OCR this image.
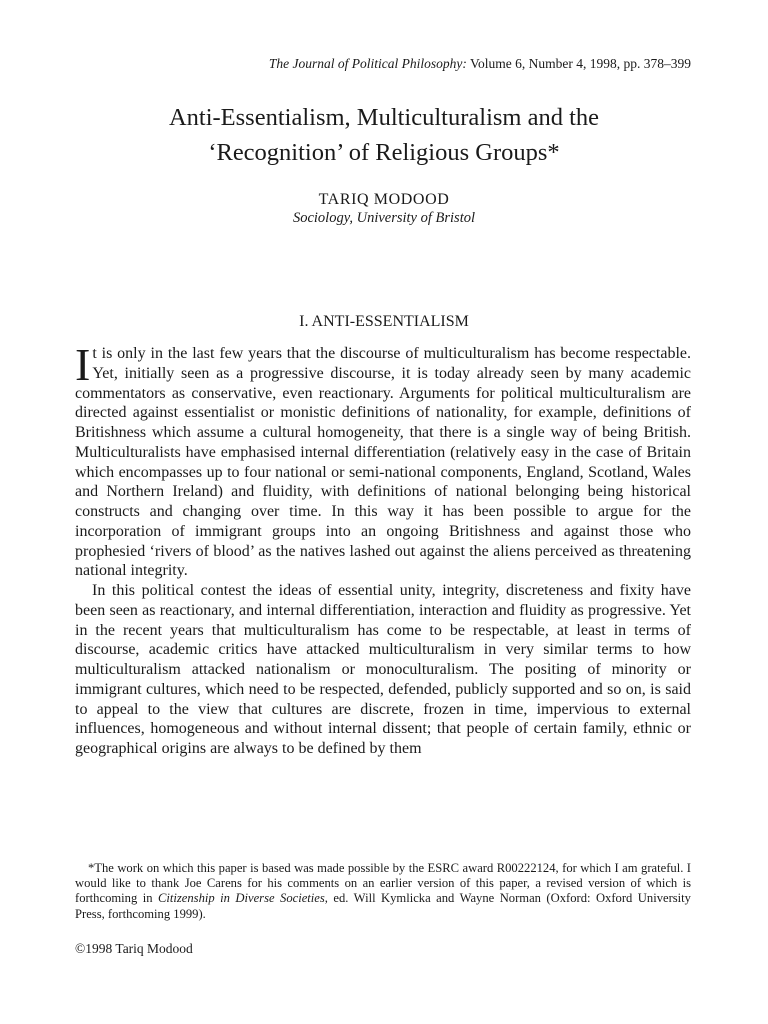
The Journal of Political Philosophy: Volume 6, Number 4, 1998, pp. 378–399
Anti-Essentialism, Multiculturalism and the
‘Recognition’ of Religious Groups*
TARIQ MODOOD
Sociology, University of Bristol
I. ANTI-ESSENTIALISM

It is only in the last few years that the discourse of multiculturalism has become respectable. Yet, initially seen as a progressive discourse, it is today already seen by many academic commentators as conservative, even reactionary. Arguments for political multiculturalism are directed against essentialist or monistic definitions of nationality, for example, definitions of Britishness which assume a cultural homogeneity, that there is a single way of being British. Multiculturalists have emphasised internal differentiation (relatively easy in the case of Britain which encompasses up to four national or semi-national components, England, Scotland, Wales and Northern Ireland) and fluidity, with definitions of national belonging being historical constructs and changing over time. In this way it has been possible to argue for the incorporation of immigrant groups into an ongoing Britishness and against those who prophesied ‘rivers of blood’ as the natives lashed out against the aliens perceived as threatening national integrity.

In this political contest the ideas of essential unity, integrity, discreteness and fixity have been seen as reactionary, and internal differentiation, interaction and fluidity as progressive. Yet in the recent years that multiculturalism has come to be respectable, at least in terms of discourse, academic critics have attacked multiculturalism in very similar terms to how multiculturalism attacked nationalism or monoculturalism. The positing of minority or immigrant cultures, which need to be respected, defended, publicly supported and so on, is said to appeal to the view that cultures are discrete, frozen in time, impervious to external influences, homogeneous and without internal dissent; that people of certain family, ethnic or geographical origins are always to be defined by them

*The work on which this paper is based was made possible by the ESRC award R00222124, for which I am grateful. I would like to thank Joe Carens for his comments on an earlier version of this paper, a revised version of which is forthcoming in Citizenship in Diverse Societies, ed. Will Kymlicka and Wayne Norman (Oxford: Oxford University Press, forthcoming 1999).

©1998 Tariq Modood
